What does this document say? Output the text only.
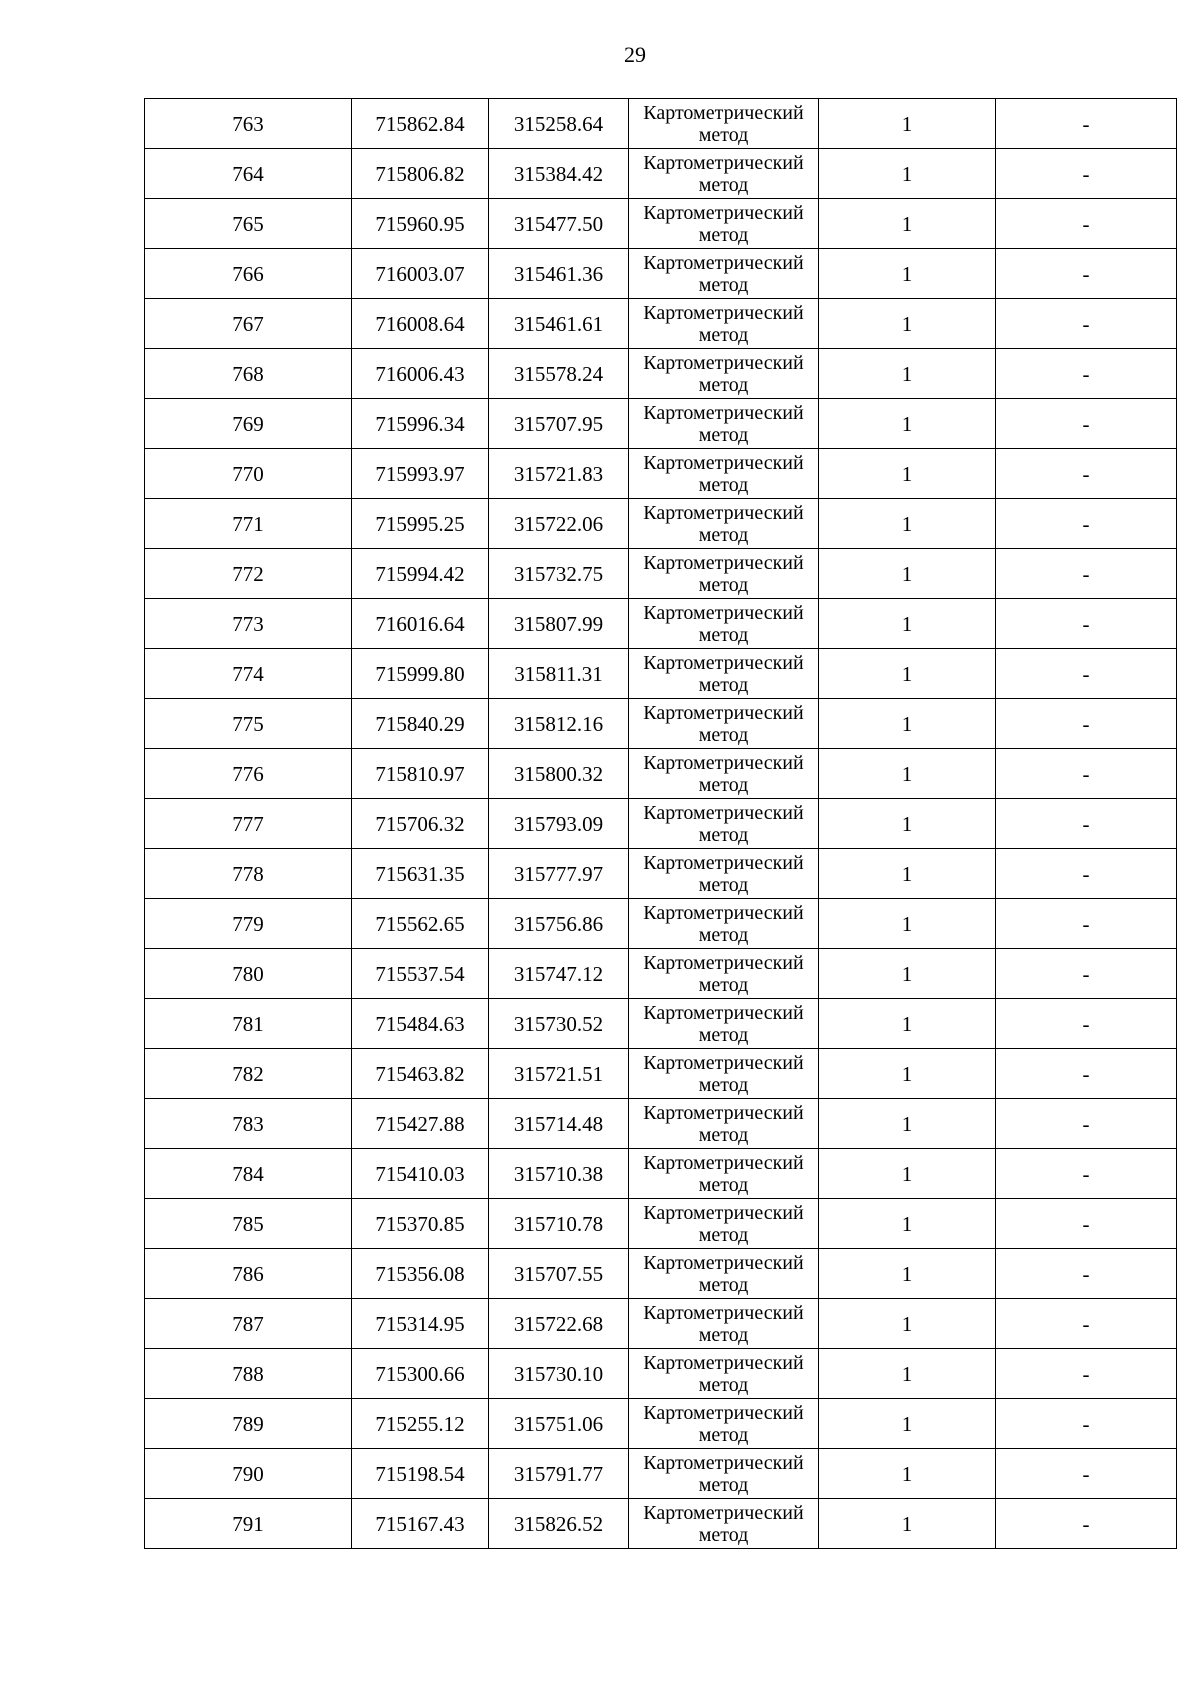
29
763	715862.84	315258.64	Картометрический
метод	1	-
764	715806.82	315384.42	Картометрический
метод	1	-
765	715960.95	315477.50	Картометрический
метод	1	-
766	716003.07	315461.36	Картометрический
метод	1	-
767	716008.64	315461.61	Картометрический
метод	1	-
768	716006.43	315578.24	Картометрический
метод	1	-
769	715996.34	315707.95	Картометрический
метод	1	-
770	715993.97	315721.83	Картометрический
метод	1	-
771	715995.25	315722.06	Картометрический
метод	1	-
772	715994.42	315732.75	Картометрический
метод	1	-
773	716016.64	315807.99	Картометрический
метод	1	-
774	715999.80	315811.31	Картометрический
метод	1	-
775	715840.29	315812.16	Картометрический
метод	1	-
776	715810.97	315800.32	Картометрический
метод	1	-
777	715706.32	315793.09	Картометрический
метод	1	-
778	715631.35	315777.97	Картометрический
метод	1	-
779	715562.65	315756.86	Картометрический
метод	1	-
780	715537.54	315747.12	Картометрический
метод	1	-
781	715484.63	315730.52	Картометрический
метод	1	-
782	715463.82	315721.51	Картометрический
метод	1	-
783	715427.88	315714.48	Картометрический
метод	1	-
784	715410.03	315710.38	Картометрический
метод	1	-
785	715370.85	315710.78	Картометрический
метод	1	-
786	715356.08	315707.55	Картометрический
метод	1	-
787	715314.95	315722.68	Картометрический
метод	1	-
788	715300.66	315730.10	Картометрический
метод	1	-
789	715255.12	315751.06	Картометрический
метод	1	-
790	715198.54	315791.77	Картометрический
метод	1	-
791	715167.43	315826.52	Картометрический
метод	1	-
